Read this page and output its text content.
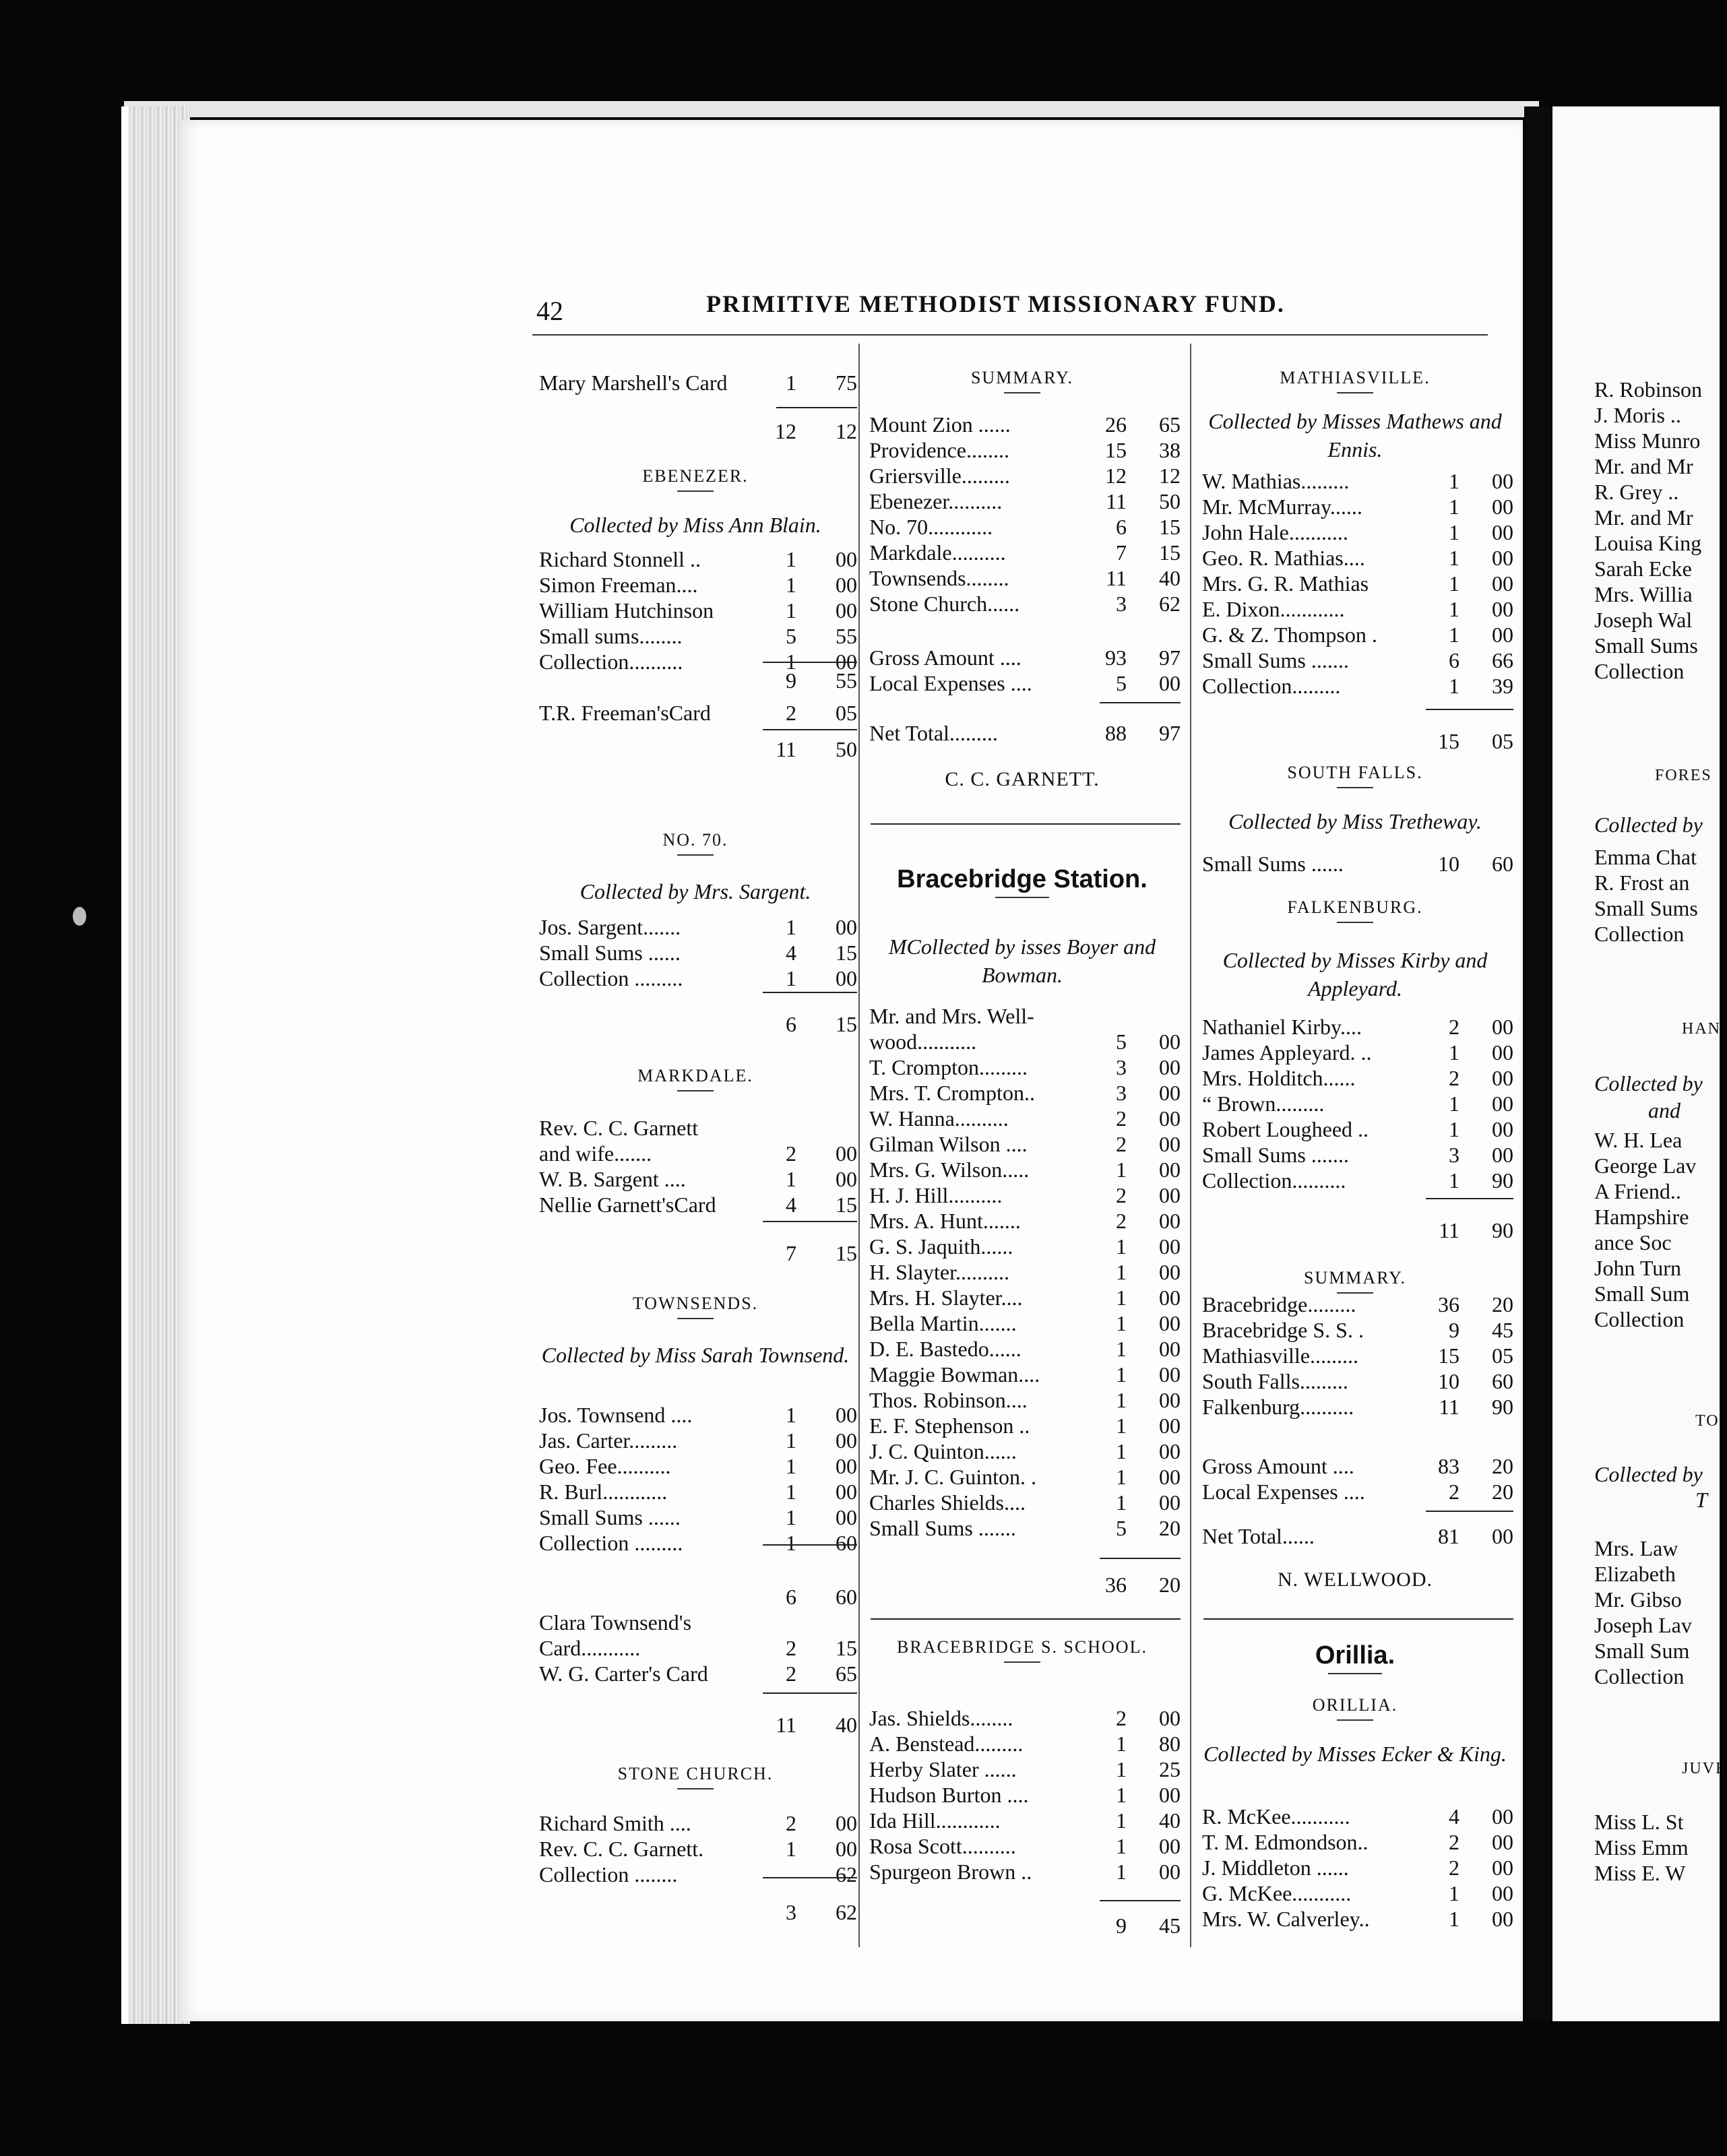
42	PRIMITIVE METHODIST MISSIONARY FUND.
Mary Marshell's Card	1	75
12	12
EBENEZER.
Collected by Miss Ann Blain.
Richard Stonnell ..	1	00
Simon Freeman....	1	00
William Hutchinson	1	00
Small sums........	5	55
Collection..........	1	00
9	55
T.R. Freeman'sCard	2	05
11	50
NO. 70.
Collected by Mrs. Sargent.
Jos. Sargent.......	1	00
Small Sums ......	4	15
Collection .........	1	00
6	15
MARKDALE.
Rev. C. C. Garnett
and wife.......	2	00
W. B. Sargent ....	1	00
Nellie Garnett'sCard	4	15
7	15
TOWNSENDS.
Collected by Miss Sarah Townsend.
Jos. Townsend ....	1	00
Jas. Carter.........	1	00
Geo. Fee..........	1	00
R. Burl............	1	00
Small Sums ......	1	00
Collection .........	1	60
6	60
Clara Townsend's
Card...........	2	15
W. G. Carter's Card	2	65
11	40
STONE CHURCH.
Richard Smith ....	2	00
Rev. C. C. Garnett.	1	00
Collection ........	62
3	62
SUMMARY.
Mount Zion ......	26	65
Providence........	15	38
Griersville.........	12	12
Ebenezer..........	11	50
No. 70............	6	15
Markdale..........	7	15
Townsends........	11	40
Stone Church......	3	62
Gross Amount ....	93	97
Local Expenses ....	5	00
Net Total.........	88	97
C. C. GARNETT.
Bracebridge Station.
MCollected by isses Boyer and Bowman.
Mr. and Mrs. Well-
wood...........	5	00
T. Crompton.........	3	00
Mrs. T. Crompton..	3	00
W. Hanna..........	2	00
Gilman Wilson ....	2	00
Mrs. G. Wilson.....	1	00
H. J. Hill..........	2	00
Mrs. A. Hunt.......	2	00
G. S. Jaquith......	1	00
H. Slayter..........	1	00
Mrs. H. Slayter....	1	00
Bella Martin.......	1	00
D. E. Bastedo......	1	00
Maggie Bowman....	1	00
Thos. Robinson....	1	00
E. F. Stephenson ..	1	00
J. C. Quinton......	1	00
Mr. J. C. Guinton. .	1	00
Charles Shields....	1	00
Small Sums .......	5	20
36	20
BRACEBRIDGE S. SCHOOL.
Jas. Shields........	2	00
A. Benstead.........	1	80
Herby Slater ......	1	25
Hudson Burton ....	1	00
Ida Hill............	1	40
Rosa Scott..........	1	00
Spurgeon Brown ..	1	00
9	45
MATHIASVILLE.
Collected by Misses Mathews and Ennis.
W. Mathias.........	1	00
Mr. McMurray......	1	00
John Hale...........	1	00
Geo. R. Mathias....	1	00
Mrs. G. R. Mathias	1	00
E. Dixon............	1	00
G. & Z. Thompson .	1	00
Small Sums .......	6	66
Collection.........	1	39
15	05
SOUTH FALLS.
Collected by Miss Tretheway.
Small Sums ......	10	60
FALKENBURG.
Collected by Misses Kirby and Appleyard.
Nathaniel Kirby....	2	00
James Appleyard. ..	1	00
Mrs. Holditch......	2	00
“ Brown.........	1	00
Robert Lougheed ..	1	00
Small Sums .......	3	00
Collection..........	1	90
11	90
SUMMARY.
Bracebridge.........	36	20
Bracebridge S. S. .	9	45
Mathiasville.........	15	05
South Falls.........	10	60
Falkenburg..........	11	90
Gross Amount ....	83	20
Local Expenses ....	2	20
Net Total......	81	00
N. WELLWOOD.
Orillia.
ORILLIA.
Collected by Misses Ecker & King.
R. McKee...........	4	00
T. M. Edmondson..	2	00
J. Middleton ......	2	00
G. McKee...........	1	00
Mrs. W. Calverley..	1	00
R. Robinson
J. Moris ..
Miss Munro
Mr. and Mr
R. Grey ..
Mr. and Mr
Louisa King
Sarah Ecke
Mrs. Willia
Joseph Wal
Small Sums
Collection
FORES
Collected by
Emma Chat
R. Frost an
Small Sums
Collection
HAN
Collected by
and
W. H. Lea
George Lav
A Friend..
Hampshire
ance Soc
John Turn
Small Sum
Collection
TO
Collected by
T
Mrs. Law
Elizabeth
Mr. Gibso
Joseph Lav
Small Sum
Collection
JUVE
Miss L. St
Miss Emm
Miss E. W
